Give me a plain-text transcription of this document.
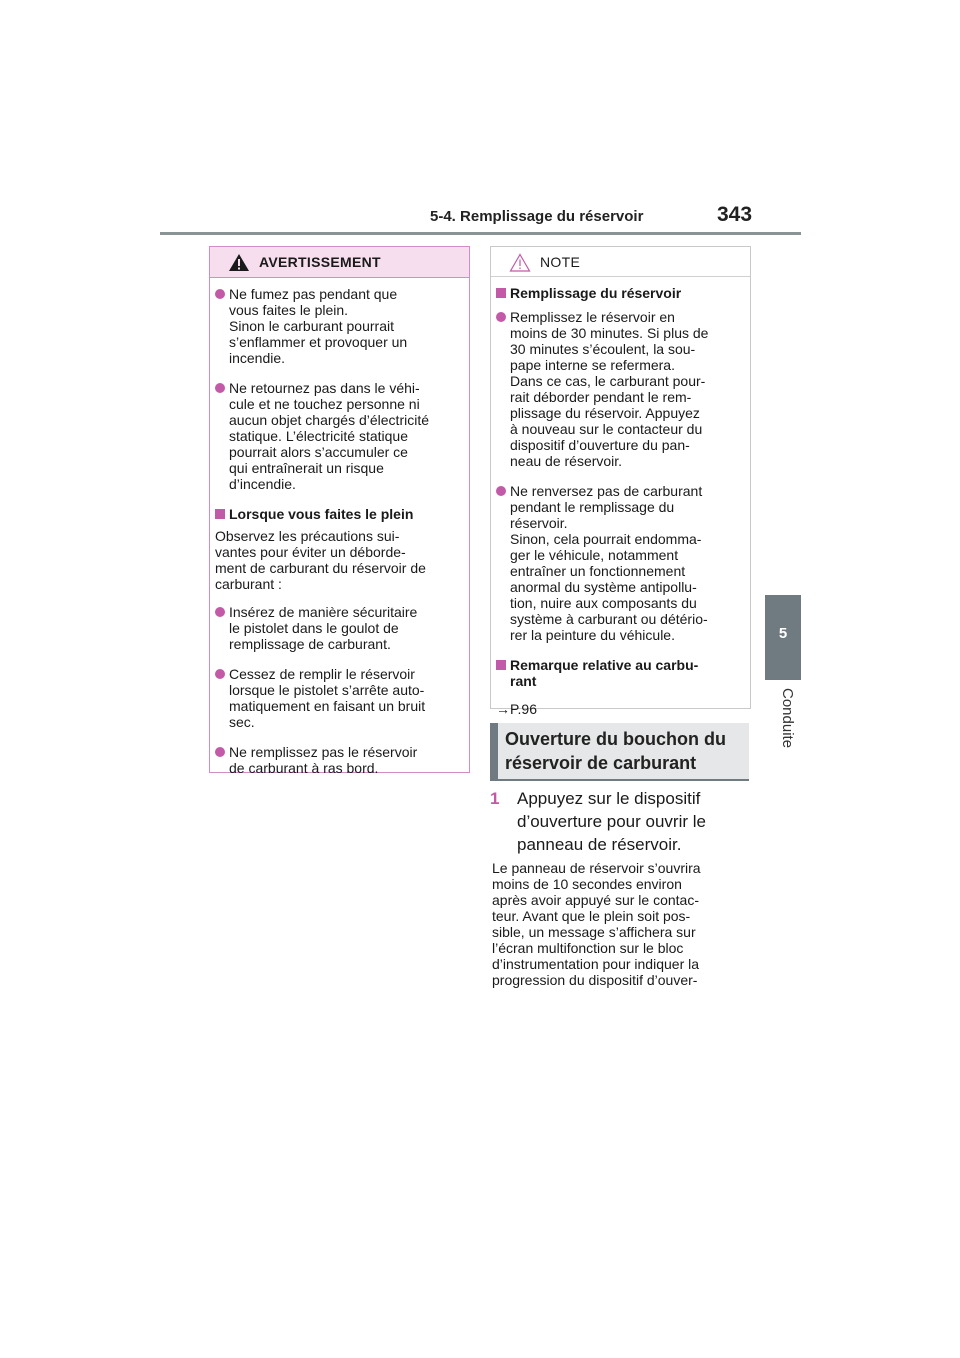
5-4. Remplissage du réservoir	343
5
Conduite
AVERTISSEMENT
Ne fumez pas pendant que
vous faites le plein.
Sinon le carburant pourrait
s’enflammer et provoquer un
incendie.
Ne retournez pas dans le véhi-
cule et ne touchez personne ni
aucun objet chargés d’électricité
statique. L’électricité statique
pourrait alors s’accumuler ce
qui entraînerait un risque
d’incendie.
Lorsque vous faites le plein
Observez les précautions sui-
vantes pour éviter un déborde-
ment de carburant du réservoir de
carburant :
Insérez de manière sécuritaire
le pistolet dans le goulot de
remplissage de carburant.
Cessez de remplir le réservoir
lorsque le pistolet s’arrête auto-
matiquement en faisant un bruit
sec.
Ne remplissez pas le réservoir
de carburant à ras bord.
NOTE
Remplissage du réservoir
Remplissez le réservoir en
moins de 30 minutes. Si plus de
30 minutes s’écoulent, la sou-
pape interne se refermera.
Dans ce cas, le carburant pour-
rait déborder pendant le rem-
plissage du réservoir. Appuyez
à nouveau sur le contacteur du
dispositif d’ouverture du pan-
neau de réservoir.
Ne renversez pas de carburant
pendant le remplissage du
réservoir.
Sinon, cela pourrait endomma-
ger le véhicule, notamment
entraîner un fonctionnement
anormal du système antipollu-
tion, nuire aux composants du
système à carburant ou détério-
rer la peinture du véhicule.
Remarque relative au carbu-
rant
→P.96
Ouverture du bouchon du
réservoir de carburant
1 Appuyez sur le dispositif
d’ouverture pour ouvrir le
panneau de réservoir.
Le panneau de réservoir s’ouvrira
moins de 10 secondes environ
après avoir appuyé sur le contac-
teur. Avant que le plein soit pos-
sible, un message s’affichera sur
l’écran multifonction sur le bloc
d’instrumentation pour indiquer la
progression du dispositif d’ouver-
